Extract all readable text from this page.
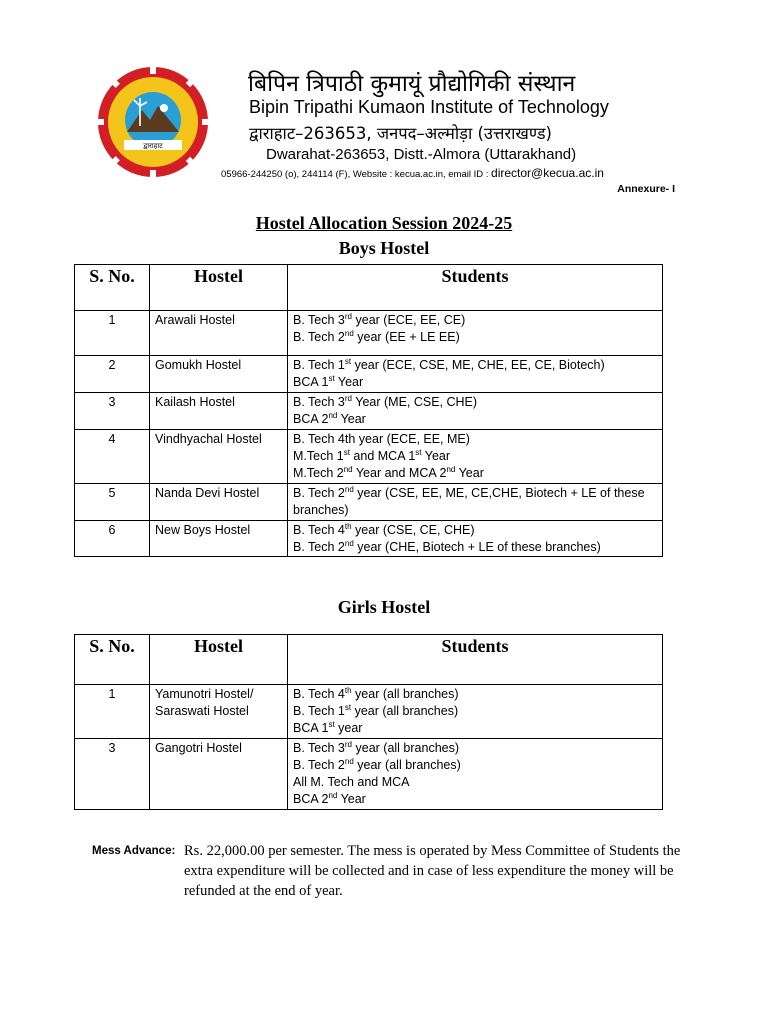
द्वाराहाट
बिपिन त्रिपाठी कुमायूं प्रौद्योगिकी संस्थान
Bipin Tripathi Kumaon Institute of Technology
द्वाराहाट–263653, जनपद–अल्मोड़ा (उत्तराखण्ड)
Dwarahat-263653, Distt.-Almora (Uttarakhand)
05966-244250 (o), 244114 (F), Website : kecua.ac.in, email ID : director@kecua.ac.in
Annexure- I
Hostel Allocation Session 2024-25
Boys Hostel
S. No.	Hostel	Students
1	Arawali Hostel	B. Tech 3rd year (ECE, EE, CE)
B. Tech 2nd year (EE + LE EE)

2	Gomukh Hostel	B. Tech 1st year (ECE, CSE, ME, CHE, EE, CE, Biotech)
BCA 1st Year

3	Kailash Hostel	B. Tech 3rd Year (ME, CSE, CHE)
BCA 2nd Year

4	Vindhyachal Hostel	B. Tech 4th year (ECE, EE, ME)
M.Tech 1st and MCA 1st Year
M.Tech 2nd Year and MCA 2nd Year

5	Nanda Devi Hostel	B. Tech 2nd year (CSE, EE, ME, CE,CHE, Biotech + LE of these branches)

6	New Boys Hostel	B. Tech 4th year (CSE, CE, CHE)
B. Tech 2nd year (CHE, Biotech + LE of these branches)
Girls Hostel
S. No.	Hostel	Students
1	Yamunotri Hostel/ Saraswati Hostel	B. Tech 4th year (all branches)
B. Tech 1st year (all branches)
BCA 1st year

3	Gangotri Hostel	B. Tech 3rd year (all branches)
B. Tech 2nd year (all branches)
All M. Tech and MCA
BCA 2nd Year
Mess Advance: Rs. 22,000.00 per semester. The mess is operated by Mess Committee of Students the extra expenditure will be collected and in case of less expenditure the money will be refunded at the end of year.
